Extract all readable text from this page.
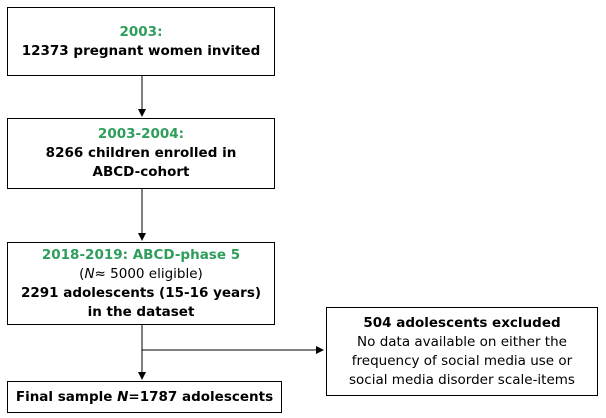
2003:
12373 pregnant women invited
2003-2004:
8266 children enrolled in
ABCD-cohort
2018-2019: ABCD-phase 5
(N≈ 5000 eligible)
2291 adolescents (15-16 years)
in the dataset
504 adolescents excluded
No data available on either the
frequency of social media use or
social media disorder scale-items
Final sample N=1787 adolescents
